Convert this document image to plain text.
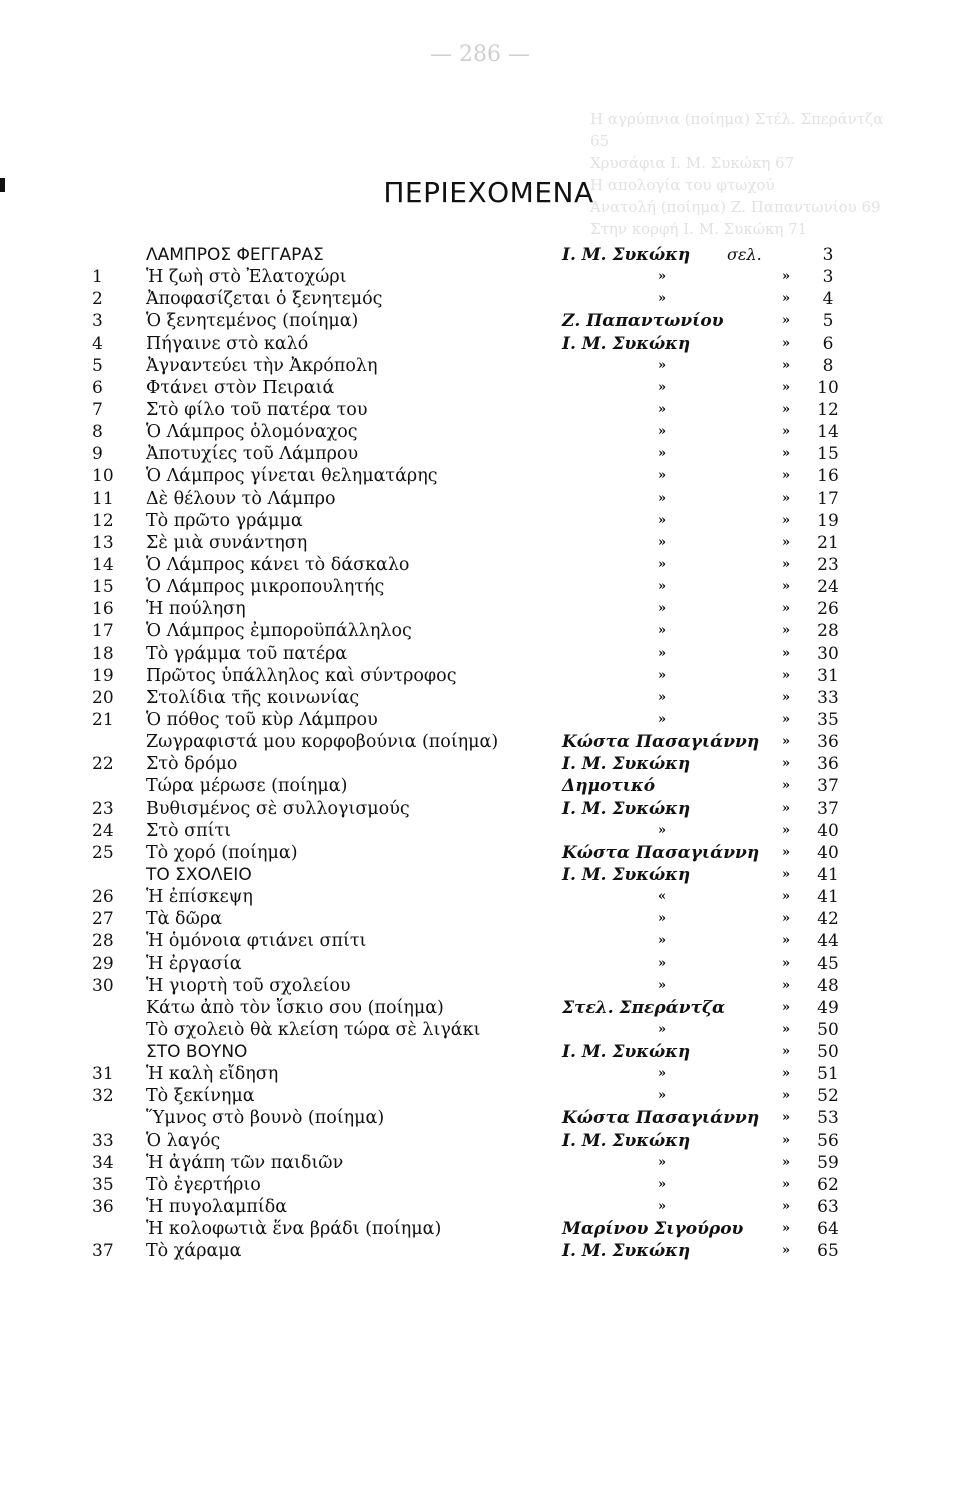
— 286 —
Η αγρύπνια (ποίημα) Στέλ. Σπεράντζα 65
Χρυσάφια Ι. Μ. Συκώκη 67
Η απολογία του φτωχού
Ανατολή (ποίημα) Ζ. Παπαντωνίου 69
Στην κορφή Ι. Μ. Συκώκη 71
ΠΕΡΙΕΧΟΜΕΝΑ
ΛΑΜΠΡΟΣ ΦΕΓΓΑΡΑΣ	Ι. Μ. Συκώκη σελ.	3
1	Ἡ ζωὴ στὸ Ἐλατοχώρι	»	»	3
2	Ἀποφασίζεται ὁ ξενητεμός	»	»	4
3	Ὁ ξενητεμένος (ποίημα)	Ζ. Παπαντωνίου	»	5
4	Πήγαινε στὸ καλό	Ι. Μ. Συκώκη	»	6
5	Ἀγναντεύει τὴν Ἀκρόπολη	»	»	8
6	Φτάνει στὸν Πειραιά	»	»	10
7	Στὸ φίλο τοῦ πατέρα του	»	»	12
8	Ὁ Λάμπρος ὁλομόναχος	»	»	14
9	Ἀποτυχίες τοῦ Λάμπρου	»	»	15
10	Ὁ Λάμπρος γίνεται θεληματάρης	»	»	16
11	Δὲ θέλουν τὸ Λάμπρο	»	»	17
12	Τὸ πρῶτο γράμμα	»	»	19
13	Σὲ μιὰ συνάντηση	»	»	21
14	Ὁ Λάμπρος κάνει τὸ δάσκαλο	»	»	23
15	Ὁ Λάμπρος μικροπουλητής	»	»	24
16	Ἡ πούληση	»	»	26
17	Ὁ Λάμπρος ἐμποροϋπάλληλος	»	»	28
18	Τὸ γράμμα τοῦ πατέρα	»	»	30
19	Πρῶτος ὑπάλληλος καὶ σύντροφος	»	»	31
20	Στολίδια τῆς κοινωνίας	»	»	33
21	Ὁ πόθος τοῦ κὺρ Λάμπρου	»	»	35
Ζωγραφιστά μου κορφοβούνια (ποίημα)	Κώστα Πασαγιάννη »	36
22	Στὸ δρόμο	Ι. Μ. Συκώκη	»	36
Τώρα μέρωσε (ποίημα)	Δημοτικό	»	37
23	Βυθισμένος σὲ συλλογισμούς	Ι. Μ. Συκώκη	»	37
24	Στὸ σπίτι	»	»	40
25	Τὸ χορό (ποίημα)	Κώστα Πασαγιάννη »	40
ΤΟ ΣΧΟΛΕΙΟ	Ι. Μ. Συκώκη	»	41
26	Ἡ ἐπίσκεψη	«	»	41
27	Τὰ δῶρα	»	»	42
28	Ἡ ὁμόνοια φτιάνει σπίτι	»	»	44
29	Ἡ ἐργασία	»	»	45
30	Ἡ γιορτὴ τοῦ σχολείου	»	»	48
Κάτω ἀπὸ τὸν ἴσκιο σου (ποίημα)	Στελ. Σπεράντζα	»	49
Τὸ σχολειὸ θὰ κλείση τώρα σὲ λιγάκι	»	»	50
ΣΤΟ ΒΟΥΝΟ	Ι. Μ. Συκώκη	»	50
31	Ἡ καλὴ εἴδηση	»	»	51
32	Τὸ ξεκίνημα	»	»	52
Ὕμνος στὸ βουνὸ (ποίημα)	Κώστα Πασαγιάννη »	53
33	Ὁ λαγός	Ι. Μ. Συκώκη	»	56
34	Ἡ ἀγάπη τῶν παιδιῶν	»	»	59
35	Τὸ ἐγερτήριο	»	»	62
36	Ἡ πυγολαμπίδα	»	»	63
Ἡ κολοφωτιὰ ἕνα βράδι (ποίημα)	Μαρίνου Σιγούρου	»	64
37	Τὸ χάραμα	Ι. Μ. Συκώκη	»	65
